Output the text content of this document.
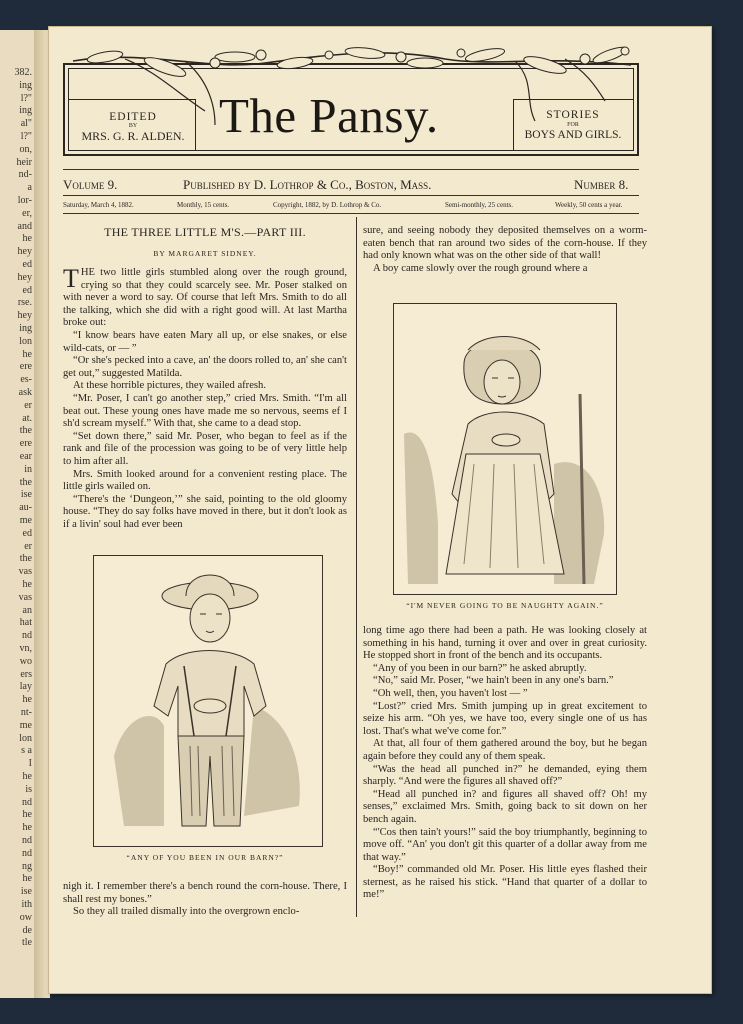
382.
ing
l?"
ing
al"
l?"
on,
heir
nd-
a
lor-
er,
and
he
hey
ed
hey
ed
rse.
hey
ing
lon
he
ere
es-
ask
er
at.
the
ere
ear
in
the
ise
au-
me
ed
er
the
vas
he
vas
an
hat
nd
vn,
wo
ers
lay
he
nt-
me
lon
s a
I
he
is
nd
he
he
nd
nd
ng
he
ise
ith
ow
de
tle
EDITED
BY
MRS. G. R. ALDEN.
STORIES
FOR
BOYS AND GIRLS.
The Pansy.
Volume 9.	Published by D. Lothrop & Co., Boston, Mass.	Number 8.
Saturday, March 4, 1882.	Monthly, 15 cents.	Copyright, 1882, by D. Lothrop & Co.	Semi-monthly, 25 cents.	Weekly, 50 cents a year.
THE THREE LITTLE M'S.—PART III.
BY MARGARET SIDNEY.

THE two little girls stumbled along over the rough ground, crying so that they could scarcely see. Mr. Poser stalked on with never a word to say. Of course that left Mrs. Smith to do all the talking, which she did with a right good will. At last Martha broke out:

“I know bears have eaten Mary all up, or else snakes, or else wild-cats, or — ”

“Or she's pecked into a cave, an' the doors rolled to, an' she can't get out,” suggested Matilda.

At these horrible pictures, they wailed afresh.

“Mr. Poser, I can't go another step,” cried Mrs. Smith. “I'm all beat out. These young ones have made me so nervous, seems ef I sh'd scream myself.” With that, she came to a dead stop.

“Set down there,” said Mr. Poser, who began to feel as if the rank and file of the procession was going to be of very little help to him after all.

Mrs. Smith looked around for a convenient resting place. The little girls wailed on.

“There's the ‘Dungeon,’” she said, pointing to the old gloomy house. “They do say folks have moved in there, but it don't look as if a livin' soul had ever been

“ANY OF YOU BEEN IN OUR BARN?”

nigh it. I remember there's a bench round the corn-house. There, I shall rest my bones.”

So they all trailed dismally into the overgrown enclo-

sure, and seeing nobody they deposited themselves on a worm-eaten bench that ran around two sides of the corn-house. If they had only known what was on the other side of that wall!

A boy came slowly over the rough ground where a

“I'M NEVER GOING TO BE NAUGHTY AGAIN.”

long time ago there had been a path. He was looking closely at something in his hand, turning it over and over in great curiosity. He stopped short in front of the bench and its occupants.

“Any of you been in our barn?” he asked abruptly.

“No,” said Mr. Poser, “we hain't been in any one's barn.”

“Oh well, then, you haven't lost — ”

“Lost?” cried Mrs. Smith jumping up in great excitement to seize his arm. “Oh yes, we have too, every single one of us has lost. That's what we've come for.”

At that, all four of them gathered around the boy, but he began again before they could any of them speak.

“Was the head all punched in?” he demanded, eying them sharply. “And were the figures all shaved off?”

“Head all punched in? and figures all shaved off? Oh! my senses,” exclaimed Mrs. Smith, going back to sit down on her bench again.

“'Cos then tain't yours!” said the boy triumphantly, beginning to move off. “An' you don't git this quarter of a dollar away from me that way.”

“Boy!” commanded old Mr. Poser. His little eyes flashed their sternest, as he raised his stick. “Hand that quarter of a dollar to me!”
